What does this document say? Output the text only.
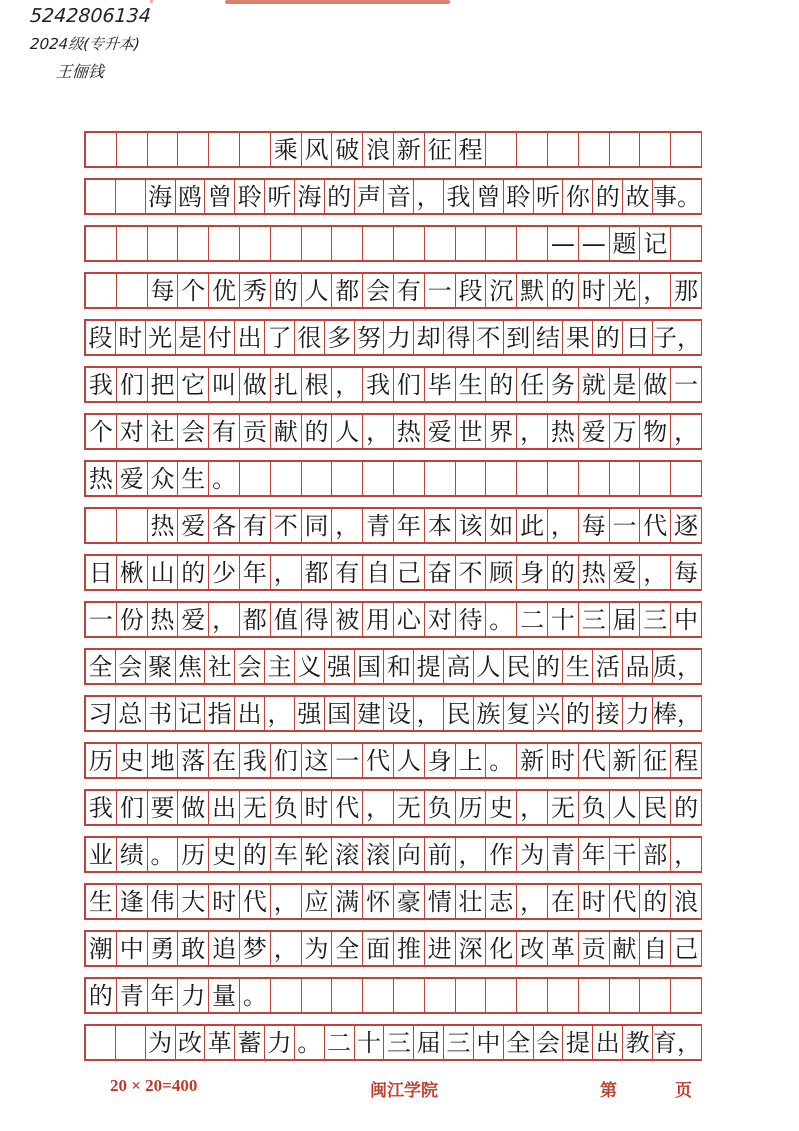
5242806134
2024级(专升本)
王俪钱
乘 风 破 浪 新 征 程
海 鸥 曾 聆 听 海 的 声 音 ， 我 曾 聆 听 你 的 故 事。
— — 题 记
每 个 优 秀 的 人 都 会 有 一 段 沉 默 的 时 光 ， 那
段 时 光 是 付 出 了 很 多 努 力 却 得 不 到 结 果 的 日 子，
我 们 把 它 叫 做 扎 根 ， 我 们 毕 生 的 任 务 就 是 做 一
个 对 社 会 有 贡 献 的 人 ， 热 爱 世 界 ， 热 爱 万 物 ，
热 爱 众 生 。
热 爱 各 有 不 同 ， 青 年 本 该 如 此 ， 每 一 代 逐
日 楸 山 的 少 年 ， 都 有 自 己 奋 不 顾 身 的 热 爱 ， 每
一 份 热 爱 ， 都 值 得 被 用 心 对 待 。 二 十 三 届 三 中
全 会 聚 焦 社 会 主 义 强 国 和 提 高 人 民 的 生 活 品 质，
习 总 书 记 指 出 ， 强 国 建 设 ， 民 族 复 兴 的 接 力 棒，
历 史 地 落 在 我 们 这 一 代 人 身 上 。 新 时 代 新 征 程
我 们 要 做 出 无 负 时 代 ， 无 负 历 史 ， 无 负 人 民 的
业 绩 。 历 史 的 车 轮 滚 滚 向 前 ， 作 为 青 年 干 部 ，
生 逢 伟 大 时 代 ， 应 满 怀 豪 情 壮 志 ， 在 时 代 的 浪
潮 中 勇 敢 追 梦 ， 为 全 面 推 进 深 化 改 革 贡 献 自 己
的 青 年 力 量 。
为 改 革 蓄 力 。 二 十 三 届 三 中 全 会 提 出 教 育，
20 × 20=400	闽江学院	第	页
